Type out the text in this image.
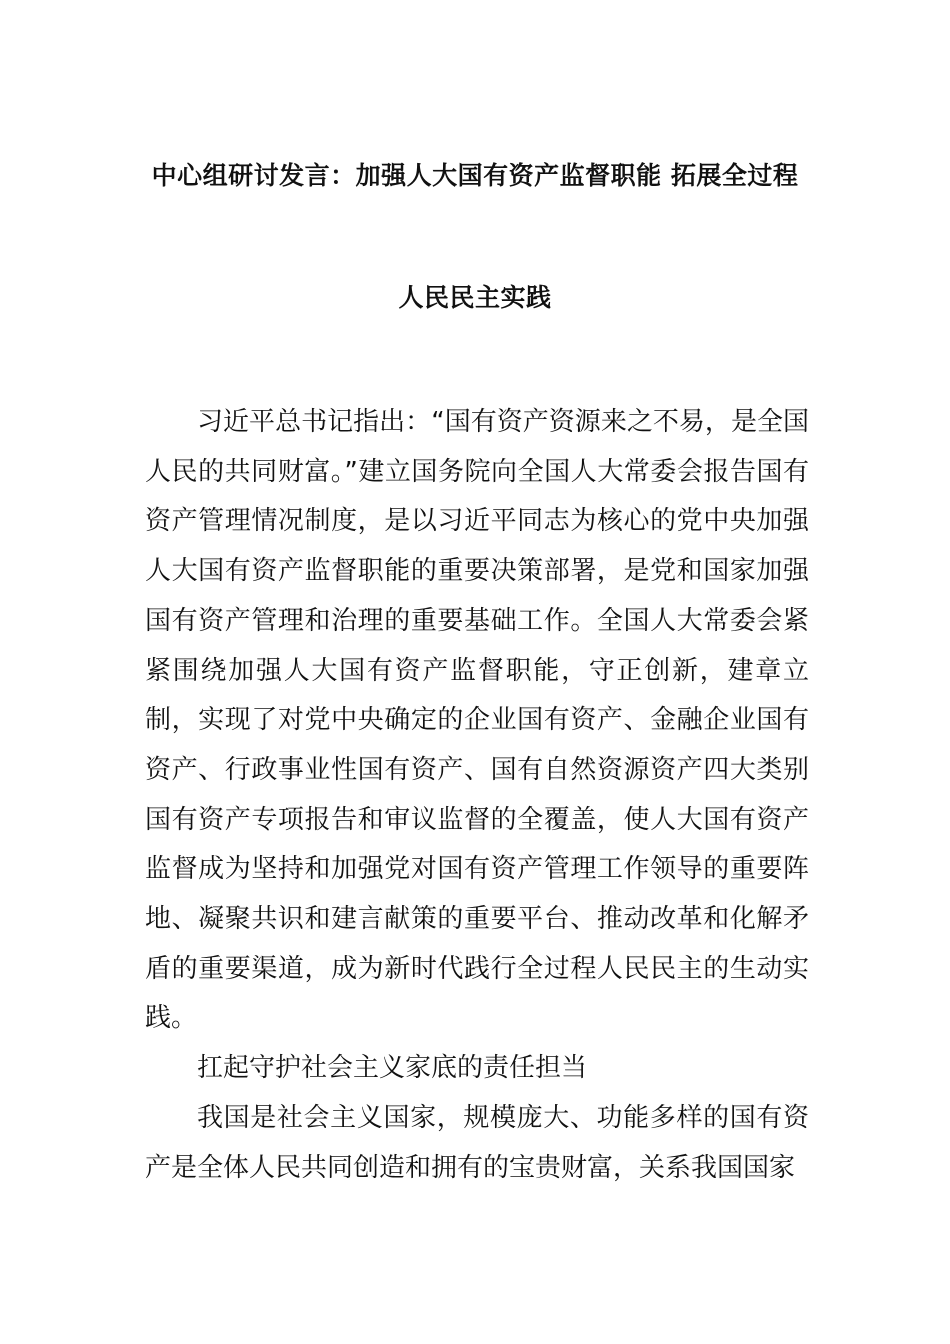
中心组研讨发言：加强人大国有资产监督职能 拓展全过程
人民民主实践

习近平总书记指出：“国有资产资源来之不易，是全国人民的共同财富。”建立国务院向全国人大常委会报告国有资产管理情况制度，是以习近平同志为核心的党中央加强人大国有资产监督职能的重要决策部署，是党和国家加强国有资产管理和治理的重要基础工作。全国人大常委会紧紧围绕加强人大国有资产监督职能，守正创新，建章立制，实现了对党中央确定的企业国有资产、金融企业国有资产、行政事业性国有资产、国有自然资源资产四大类别国有资产专项报告和审议监督的全覆盖，使人大国有资产监督成为坚持和加强党对国有资产管理工作领导的重要阵地、凝聚共识和建言献策的重要平台、推动改革和化解矛盾的重要渠道，成为新时代践行全过程人民民主的生动实践。

扛起守护社会主义家底的责任担当

我国是社会主义国家，规模庞大、功能多样的国有资产是全体人民共同创造和拥有的宝贵财富，关系我国国家
